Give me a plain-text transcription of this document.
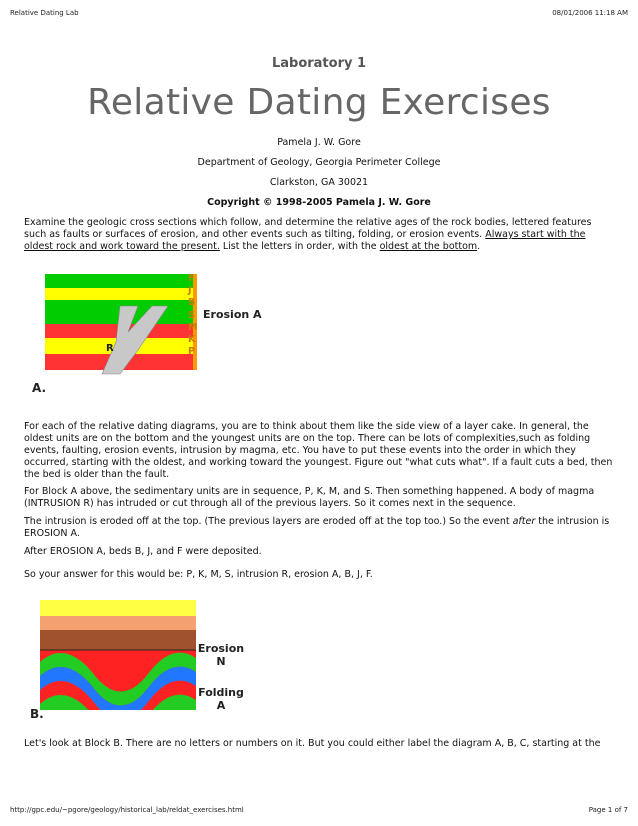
Relative Dating Lab	08/01/2006 11:18 AM
Laboratory 1
Relative Dating Exercises
Pamela J. W. Gore
Department of Geology, Georgia Perimeter College
Clarkston, GA 30021
Copyright © 1998-2005 Pamela J. W. Gore

Examine the geologic cross sections which follow, and determine the relative ages of the rock bodies, lettered features such as faults or surfaces of erosion, and other events such as tilting, folding, or erosion events. Always start with the oldest rock and work toward the present. List the letters in order, with the oldest at the bottom.

F
J
B
S
M
K
P
Erosion A
R
A.

For each of the relative dating diagrams, you are to think about them like the side view of a layer cake. In general, the oldest units are on the bottom and the youngest units are on the top. There can be lots of complexities,such as folding events, faulting, erosion events, intrusion by magma, etc. You have to put these events into the order in which they occurred, starting with the oldest, and working toward the youngest. Figure out "what cuts what". If a fault cuts a bed, then the bed is older than the fault.

For Block A above, the sedimentary units are in sequence, P, K, M, and S. Then something happened. A body of magma (INTRUSION R) has intruded or cut through all of the previous layers. So it comes next in the sequence.

The intrusion is eroded off at the top. (The previous layers are eroded off at the top too.) So the event after the intrusion is EROSION A.

After EROSION A, beds B, J, and F were deposited.

So your answer for this would be: P, K, M, S, intrusion R, erosion A, B, J, F.

Erosion
N
Folding
A
B.

Let's look at Block B. There are no letters or numbers on it. But you could either label the diagram A, B, C, starting at the

http://gpc.edu/~pgore/geology/historical_lab/reldat_exercises.html	Page 1 of 7
